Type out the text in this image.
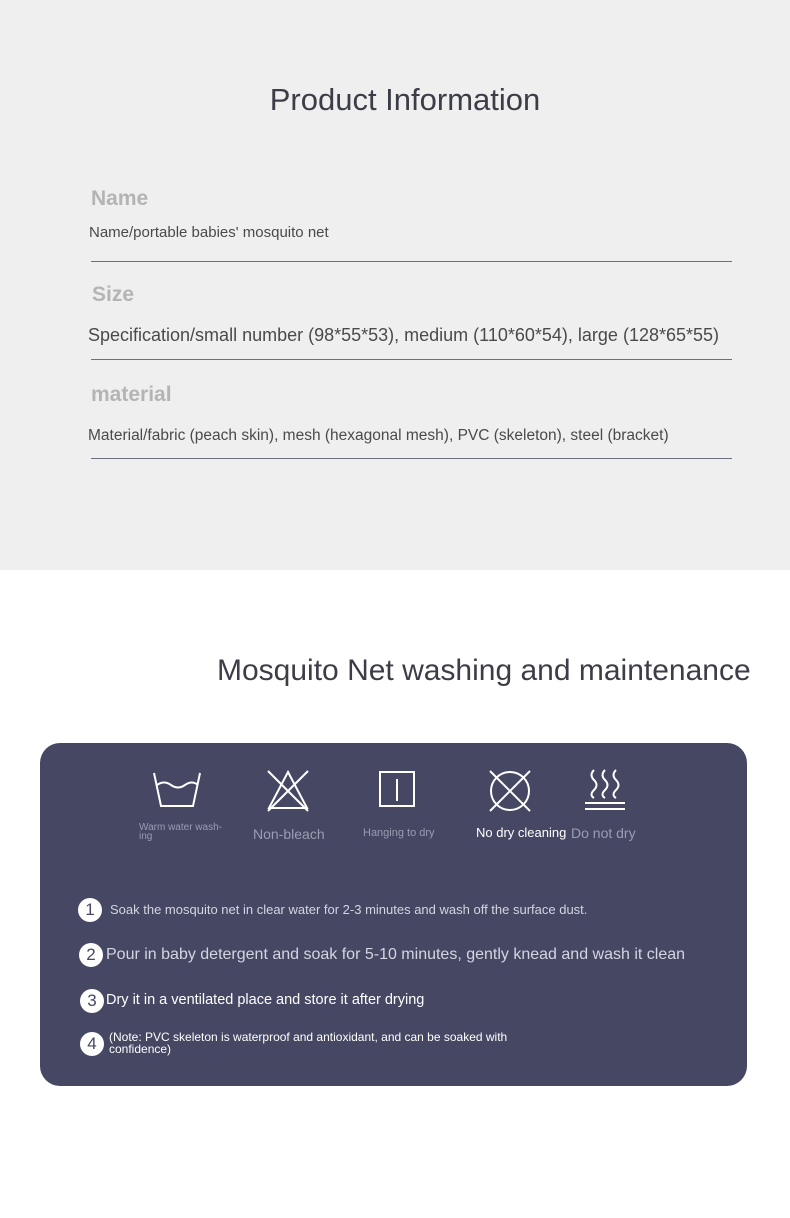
Product Information
Name
Name/portable babies' mosquito net
Size
Specification/small number (98*55*53), medium (110*60*54), large (128*65*55)
material
Material/fabric (peach skin), mesh (hexagonal mesh), PVC (skeleton), steel (bracket)
Mosquito Net washing and maintenance
Warm water wash-ing	Non-bleach	Hanging to dry	No dry cleaning Do not dry
1	Soak the mosquito net in clear water for 2-3 minutes and wash off the surface dust.
2 Pour in baby detergent and soak for 5-10 minutes, gently knead and wash it clean
3 Dry it in a ventilated place and store it after drying
4	(Note: PVC skeleton is waterproof and antioxidant, and can be soaked with confidence)
